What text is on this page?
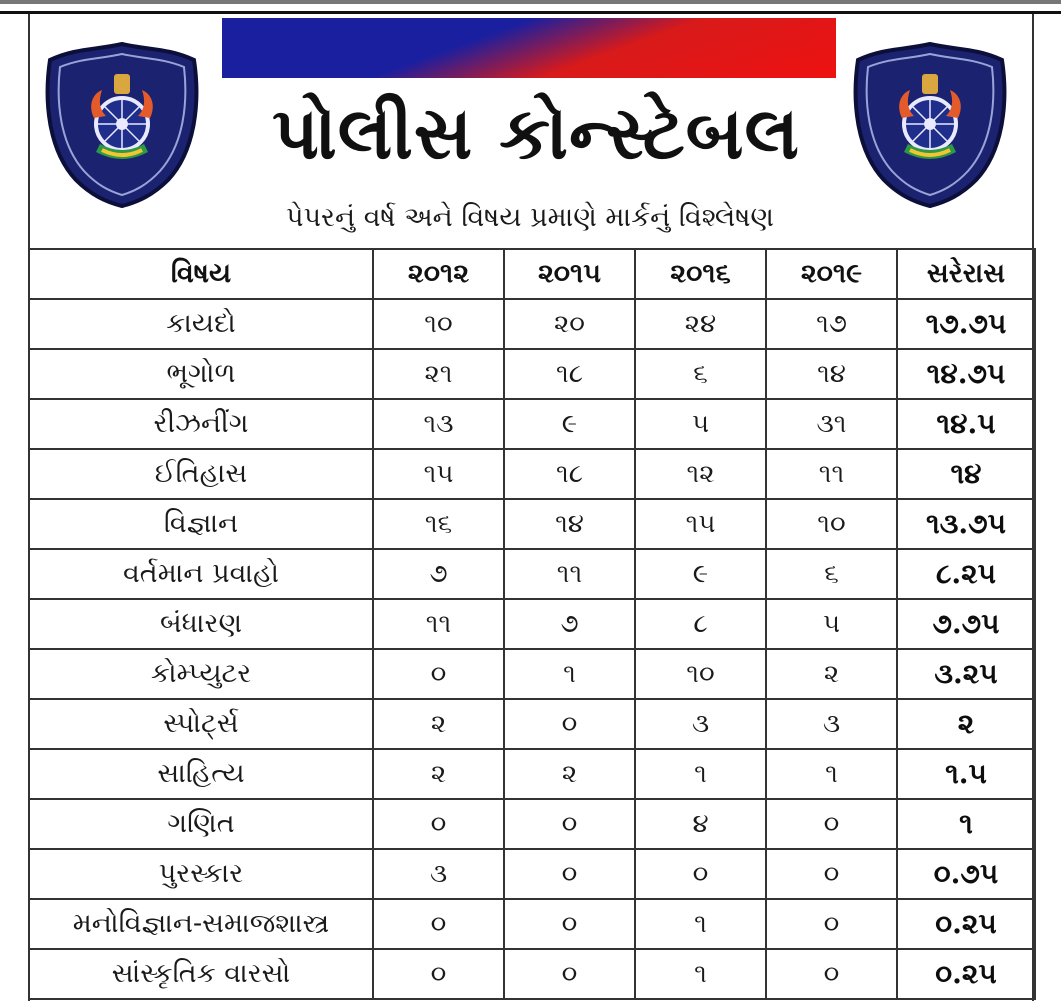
પોલીસ કોન્સ્ટેબલ
પેપરનું વર્ષ અને વિષય પ્રમાણે માર્કનું વિશ્લેષણ
વિષય	૨૦૧૨	૨૦૧૫	૨૦૧૬	૨૦૧૯	સરેરાસ
કાયદો	૧૦	૨૦	૨૪	૧૭	૧૭.૭૫
ભૂગોળ	૨૧	૧૮	૬	૧૪	૧૪.૭૫
રીઝનીંગ	૧૩	૯	૫	૩૧	૧૪.૫
ઈતિહાસ	૧૫	૧૮	૧૨	૧૧	૧૪
વિજ્ઞાન	૧૬	૧૪	૧૫	૧૦	૧૩.૭૫
વર્તમાન પ્રવાહો	૭	૧૧	૯	૬	૮.૨૫
બંધારણ	૧૧	૭	૮	૫	૭.૭૫
કોમ્પ્યુટર	૦	૧	૧૦	૨	૩.૨૫
સ્પોર્ટ્સ	૨	૦	૩	૩	૨
સાહિત્ય	૨	૨	૧	૧	૧.૫
ગણિત	૦	૦	૪	૦	૧
પુરસ્કાર	૩	૦	૦	૦	૦.૭૫
મનોવિજ્ઞાન-સમાજશાસ્ત્ર	૦	૦	૧	૦	૦.૨૫
સાંસ્કૃતિક વારસો	૦	૦	૧	૦	૦.૨૫
